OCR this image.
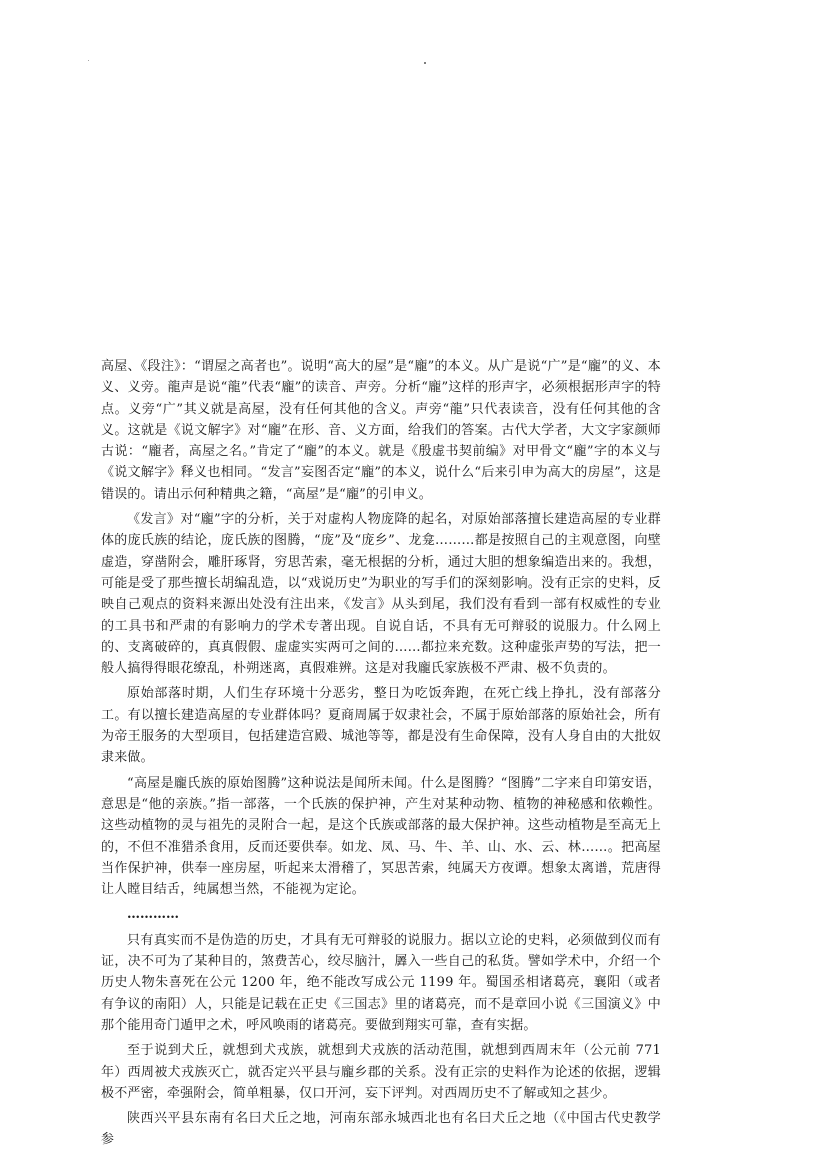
高屋、《段注》：“谓屋之高者也”。说明“高大的屋”是“龐”的本义。从广是说“广”是“龐”的义、本义、义旁。龍声是说“龍”代表“龐”的读音、声旁。分析“龐”这样的形声字，必须根据形声字的特点。义旁“广”其义就是高屋，没有任何其他的含义。声旁“龍”只代表读音，没有任何其他的含义。这就是《说文解字》对“龐”在形、音、义方面，给我们的答案。古代大学者，大文字家颜师古说：“龐者，高屋之名。”肯定了“龐”的本义。就是《殷虚书契前编》对甲骨文“龐”字的本义与《说文解字》释义也相同。“发言”妄图否定“龐”的本义，说什么“后来引申为高大的房屋”，这是错误的。请出示何种精典之籍，“高屋”是“龐”的引申义。

《发言》对“龐”字的分析，关于对虚构人物庞降的起名，对原始部落擅长建造高屋的专业群体的庞氏族的结论，庞氏族的图腾，“庞”及“庞乡”、龙龛………都是按照自己的主观意图，向壁虚造，穿凿附会，雕肝琢肾，穷思苦索，毫无根据的分析，通过大胆的想象编造出来的。我想，可能是受了那些擅长胡编乱造，以“戏说历史”为职业的写手们的深刻影响。没有正宗的史料，反映自己观点的资料来源出处没有注出来，《发言》从头到尾，我们没有看到一部有权威性的专业的工具书和严肃的有影响力的学术专著出现。自说自话，不具有无可辩驳的说服力。什么网上的、支离破碎的，真真假假、虚虚实实两可之间的……都拉来充数。这种虚张声势的写法，把一般人搞得得眼花缭乱，朴朔迷离，真假难辨。这是对我龐氏家族极不严肃、极不负责的。

原始部落时期，人们生存环境十分恶劣，整日为吃饭奔跑，在死亡线上挣扎，没有部落分工。有以擅长建造高屋的专业群体吗？夏商周属于奴隶社会，不属于原始部落的原始社会，所有为帝王服务的大型项目，包括建造宫殿、城池等等，都是没有生命保障，没有人身自由的大批奴隶来做。

“高屋是龐氏族的原始图腾”这种说法是闻所未闻。什么是图腾？“图腾”二字来自印第安语，意思是“他的亲族。”指一部落，一个氏族的保护神，产生对某种动物、植物的神秘感和依赖性。这些动植物的灵与祖先的灵附合一起，是这个氏族或部落的最大保护神。这些动植物是至高无上的，不但不准猎杀食用，反而还要供奉。如龙、凤、马、牛、羊、山、水、云、林……。把高屋当作保护神，供奉一座房屋，听起来太滑稽了，冥思苦索，纯属天方夜谭。想象太离谱，荒唐得让人瞠目结舌，纯属想当然，不能视为定论。

…………

只有真实而不是伪造的历史，才具有无可辩驳的说服力。据以立论的史料，必须做到仪而有证，决不可为了某种目的，煞费苦心，绞尽脑汁，羼入一些自己的私货。譬如学术中，介绍一个历史人物朱喜死在公元 1200 年，绝不能改写成公元 1199 年。蜀国丞相诸葛亮，襄阳（或者有争议的南阳）人，只能是记载在正史《三国志》里的诸葛亮，而不是章回小说《三国演义》中那个能用奇门遁甲之术，呼风唤雨的诸葛亮。要做到翔实可靠，查有实据。

至于说到犬丘，就想到犬戎族，就想到犬戎族的活动范围，就想到西周末年（公元前 771 年）西周被犬戎族灭亡，就否定兴平县与龐乡郡的关系。没有正宗的史料作为论述的依据，逻辑极不严密，牵强附会，简单粗暴，仅口开河，妄下评判。对西周历史不了解或知之甚少。

陕西兴平县东南有名曰犬丘之地，河南东部永城西北也有名曰犬丘之地（《中国古代史教学参
